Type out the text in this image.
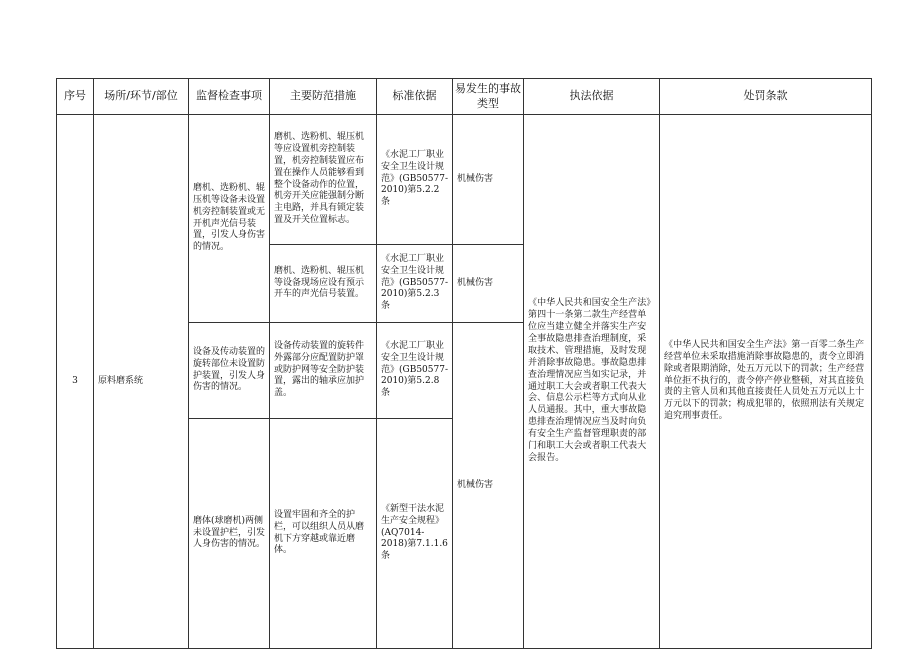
序号	场所/环节/部位	监督检查事项	主要防范措施	标准依据	易发生的事故类型	执法依据	处罚条款
3	原料磨系统	磨机、选粉机、辊压机等设备未设置机旁控制装置或无开机声光信号装置，引发人身伤害的情况。	磨机、选粉机、辊压机等应设置机旁控制装置，机旁控制装置应布置在操作人员能够看到整个设备动作的位置，机旁开关应能强制分断主电路，并具有锁定装置及开关位置标志。	《水泥工厂职业安全卫生设计规范》(GB50577-2010)第5.2.2条	机械伤害	《中华人民共和国安全生产法》第四十一条第二款生产经营单位应当建立健全并落实生产安全事故隐患排查治理制度，采取技术、管理措施，及时发现并消除事故隐患。事故隐患排查治理情况应当如实记录，并通过职工大会或者职工代表大会、信息公示栏等方式向从业人员通报。其中，重大事故隐患排查治理情况应当及时向负有安全生产监督管理职责的部门和职工大会或者职工代表大会报告。	《中华人民共和国安全生产法》第一百零二条生产经营单位未采取措施消除事故隐患的，责令立即消除或者限期消除，处五万元以下的罚款；生产经营单位拒不执行的，责令停产停业整顿，对其直接负责的主管人员和其他直接责任人员处五万元以上十万元以下的罚款；构成犯罪的，依照刑法有关规定追究刑事责任。
			磨机、选粉机、辊压机等设备现场应设有预示开车的声光信号装置。	《水泥工厂职业安全卫生设计规范》(GB50577-2010)第5.2.3条	机械伤害		
		设备及传动装置的旋转部位未设置防护装置，引发人身伤害的情况。	设备传动装置的旋转件外露部分应配置防护罩或防护网等安全防护装置，露出的轴承应加护盖。	《水泥工厂职业安全卫生设计规范》(GB50577-2010)第5.2.8条	机械伤害		
		磨体(球磨机)两侧未设置护栏，引发人身伤害的情况。	设置牢固和齐全的护栏，可以组织人员从磨机下方穿越或靠近磨体。	《新型干法水泥生产安全规程》(AQ7014-2018)第7.1.1.6条			
